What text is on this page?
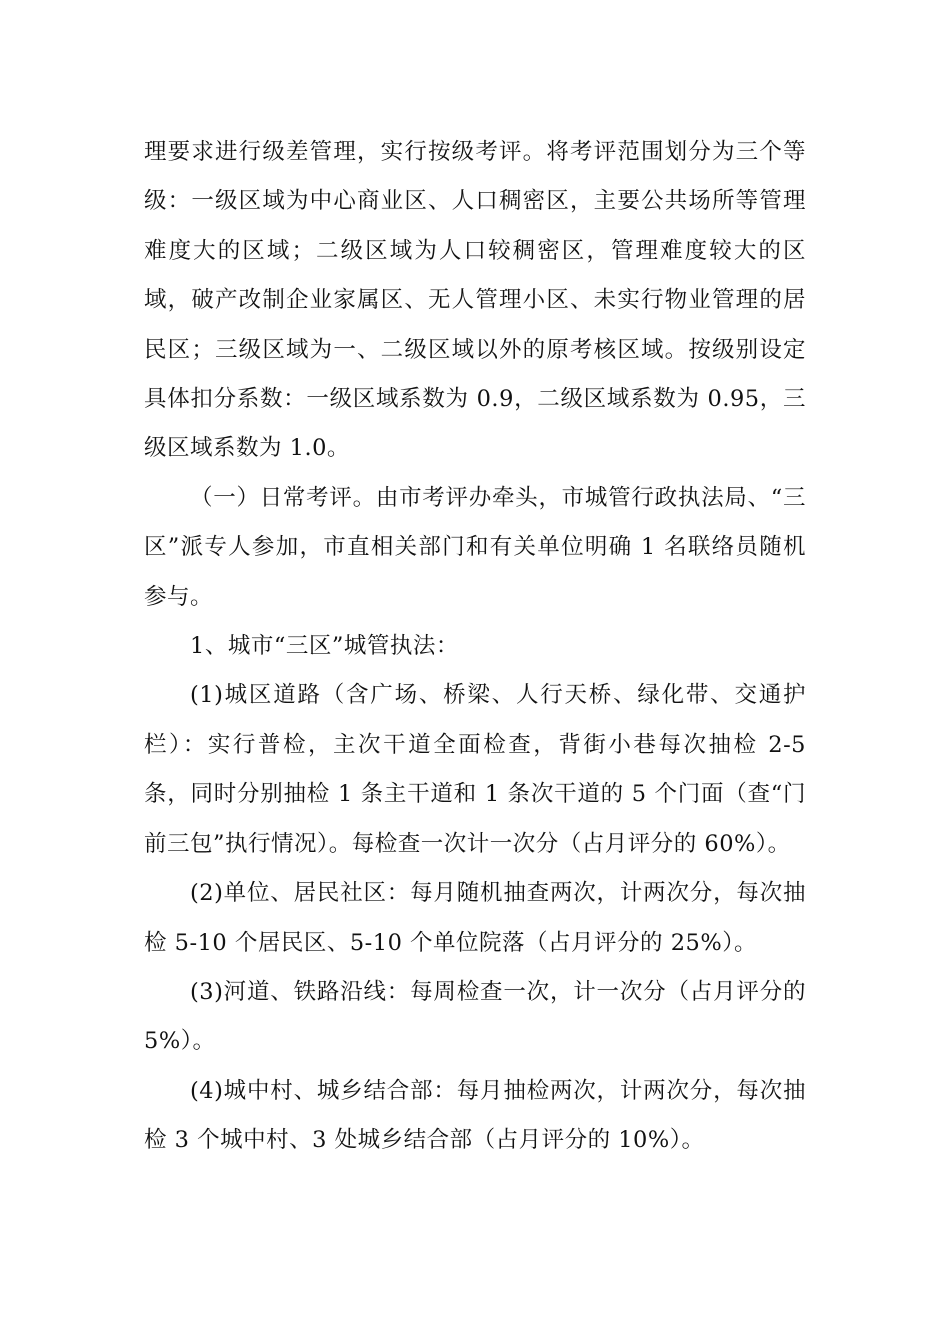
理要求进行级差管理，实行按级考评。将考评范围划分为三个等级：一级区域为中心商业区、人口稠密区，主要公共场所等管理难度大的区域；二级区域为人口较稠密区，管理难度较大的区域，破产改制企业家属区、无人管理小区、未实行物业管理的居民区；三级区域为一、二级区域以外的原考核区域。按级别设定具体扣分系数：一级区域系数为 0.9，二级区域系数为 0.95，三级区域系数为 1.0。

（一）日常考评。由市考评办牵头，市城管行政执法局、“三区”派专人参加，市直相关部门和有关单位明确 1 名联络员随机参与。

1、城市“三区”城管执法：

(1)城区道路（含广场、桥梁、人行天桥、绿化带、交通护栏）：实行普检，主次干道全面检查，背街小巷每次抽检 2-5 条，同时分别抽检 1 条主干道和 1 条次干道的 5 个门面（查“门前三包”执行情况）。每检查一次计一次分（占月评分的 60%）。

(2)单位、居民社区：每月随机抽查两次，计两次分，每次抽检 5-10 个居民区、5-10 个单位院落（占月评分的 25%）。

(3)河道、铁路沿线：每周检查一次，计一次分（占月评分的 5%）。

(4)城中村、城乡结合部：每月抽检两次，计两次分，每次抽检 3 个城中村、3 处城乡结合部（占月评分的 10%）。
